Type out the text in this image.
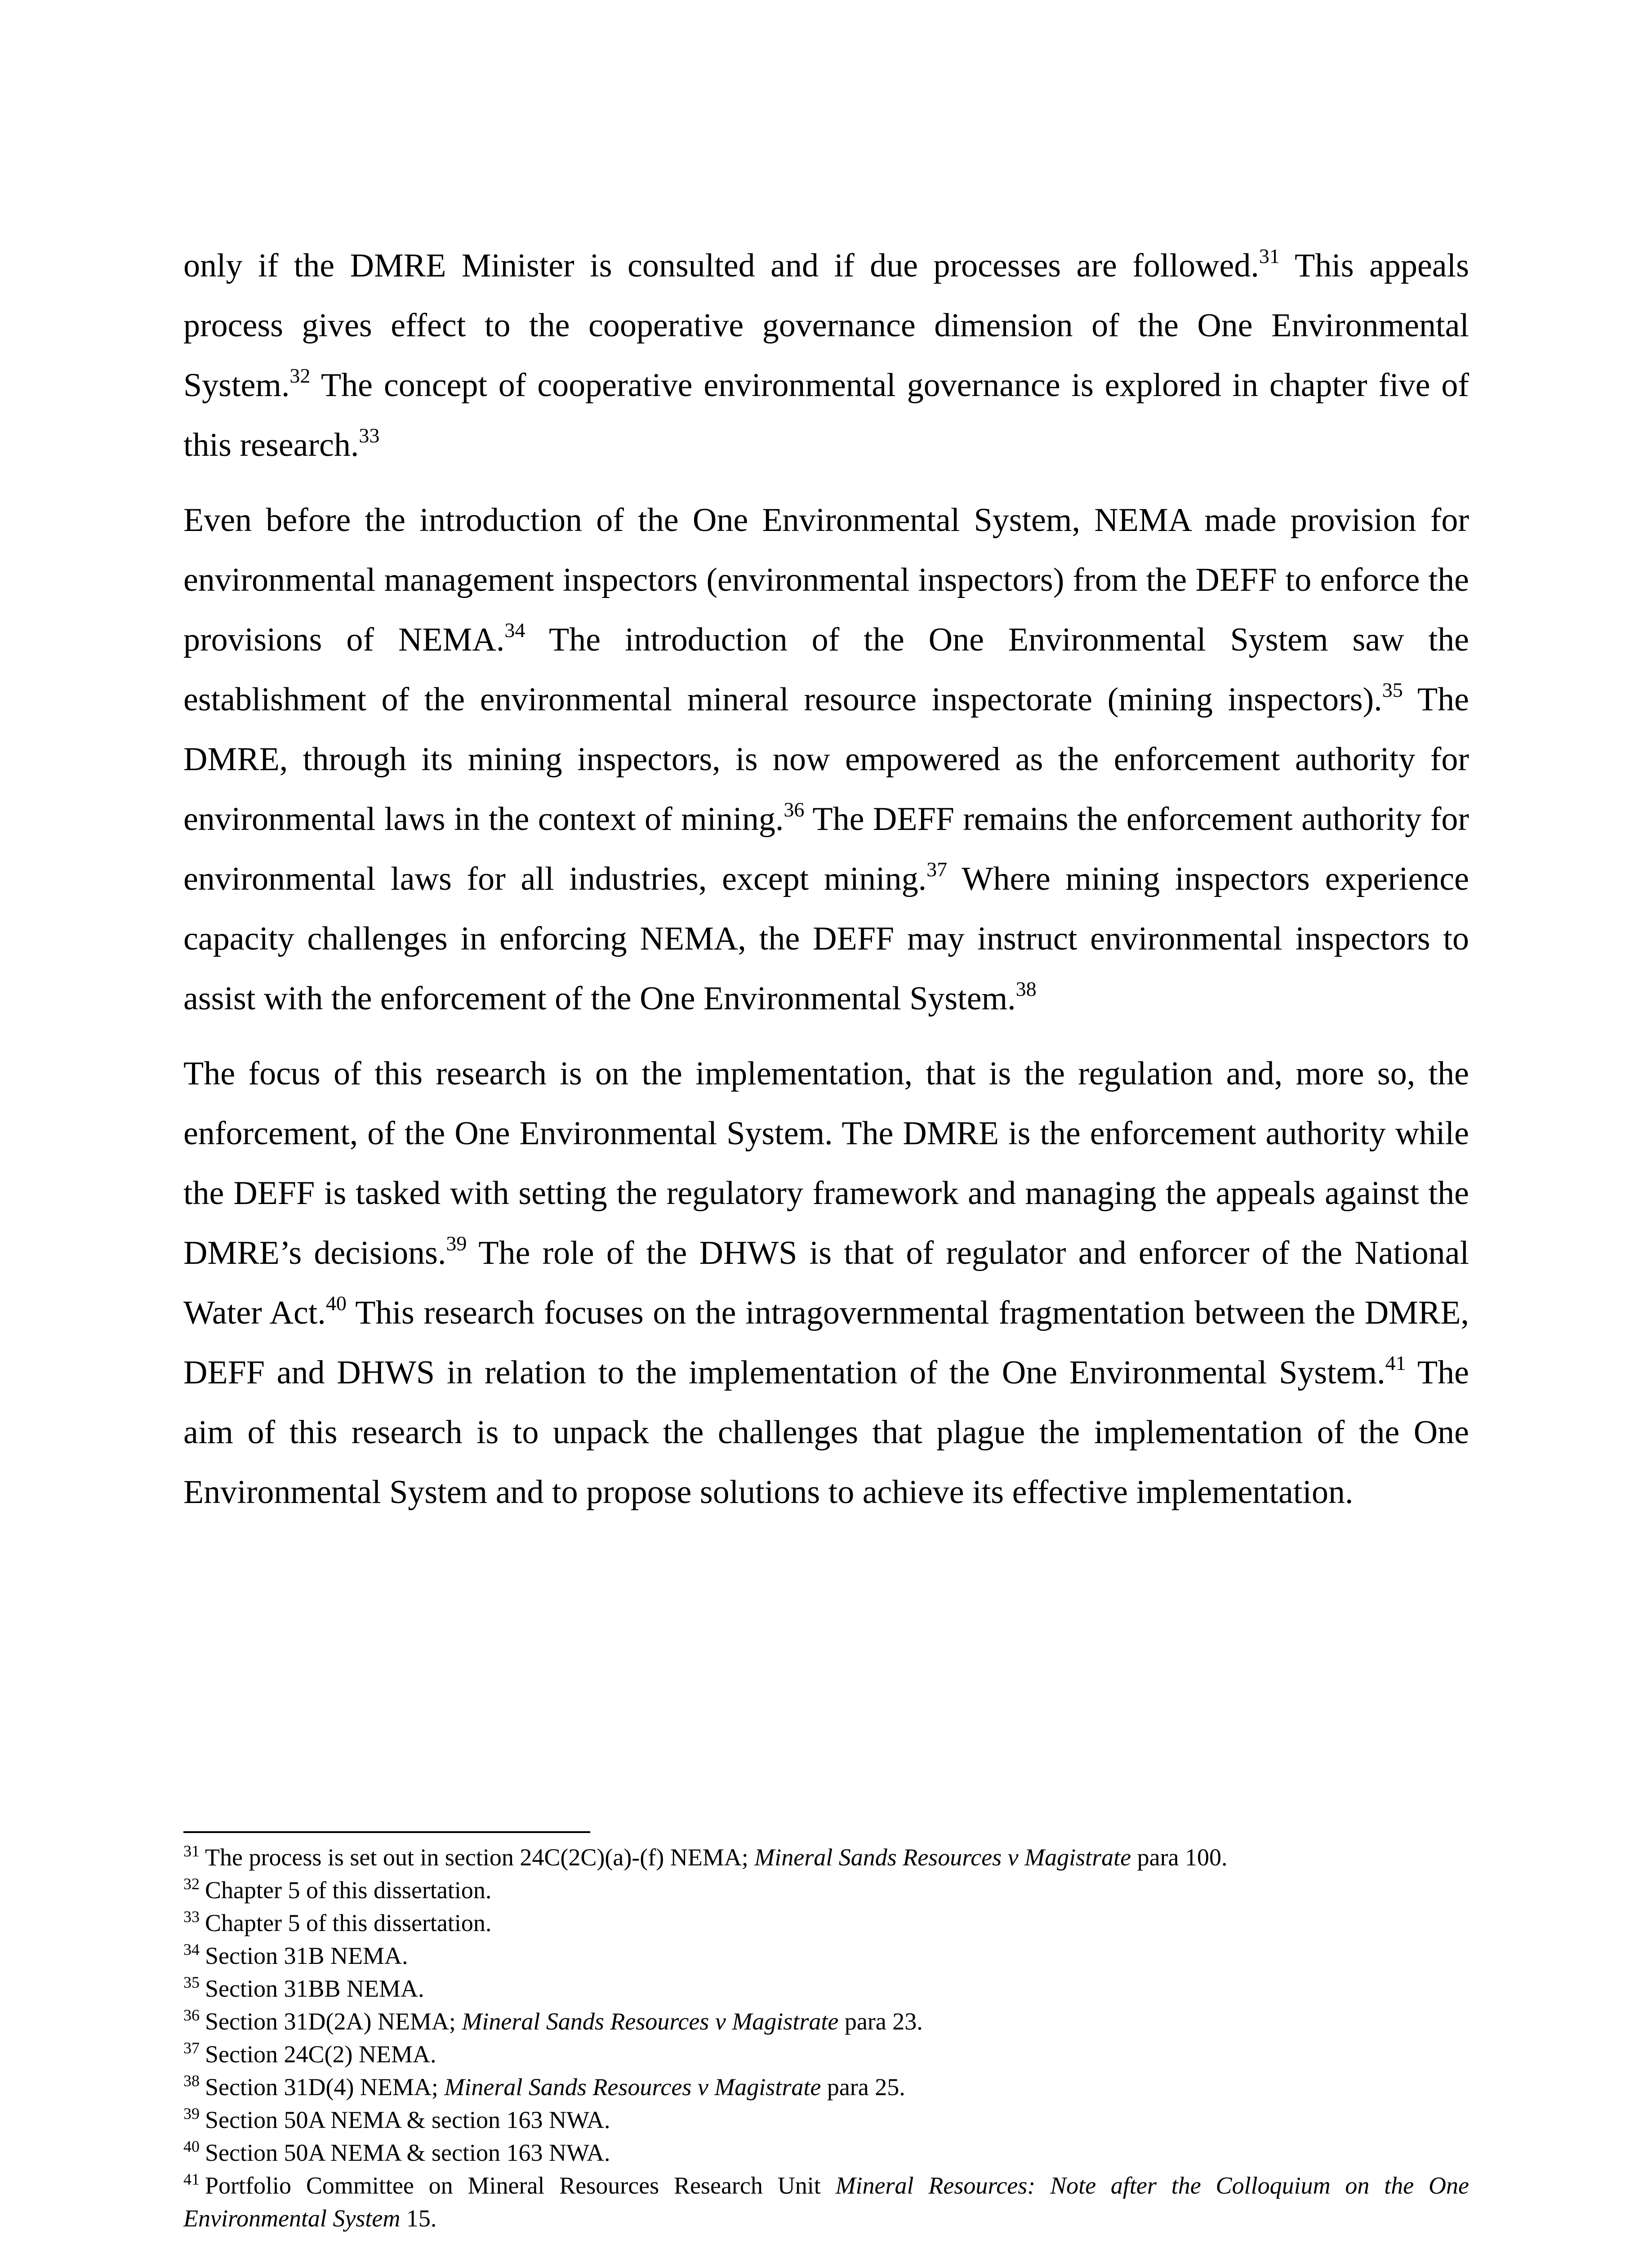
only if the DMRE Minister is consulted and if due processes are followed.$^{31}$ This appeals process gives effect to the cooperative governance dimension of the One Environmental System.$^{32}$ The concept of cooperative environmental governance is explored in chapter five of this research.$^{33}$

Even before the introduction of the One Environmental System, NEMA made provision for environmental management inspectors (environmental inspectors) from the DEFF to enforce the provisions of NEMA.$^{34}$ The introduction of the One Environmental System saw the establishment of the environmental mineral resource inspectorate (mining inspectors).$^{35}$ The DMRE, through its mining inspectors, is now empowered as the enforcement authority for environmental laws in the context of mining.$^{36}$ The DEFF remains the enforcement authority for environmental laws for all industries, except mining.$^{37}$ Where mining inspectors experience capacity challenges in enforcing NEMA, the DEFF may instruct environmental inspectors to assist with the enforcement of the One Environmental System.$^{38}$

The focus of this research is on the implementation, that is the regulation and, more so, the enforcement, of the One Environmental System. The DMRE is the enforcement authority while the DEFF is tasked with setting the regulatory framework and managing the appeals against the DMRE’s decisions.$^{39}$ The role of the DHWS is that of regulator and enforcer of the National Water Act.$^{40}$ This research focuses on the intragovernmental fragmentation between the DMRE, DEFF and DHWS in relation to the implementation of the One Environmental System.$^{41}$ The aim of this research is to unpack the challenges that plague the implementation of the One Environmental System and to propose solutions to achieve its effective implementation.

$^{31}$ The process is set out in section 24C(2C)(a)-(f) NEMA; Mineral Sands Resources v Magistrate para 100.

$^{32}$ Chapter 5 of this dissertation.

$^{33}$ Chapter 5 of this dissertation.

$^{34}$ Section 31B NEMA.

$^{35}$ Section 31BB NEMA.

$^{36}$ Section 31D(2A) NEMA; Mineral Sands Resources v Magistrate para 23.

$^{37}$ Section 24C(2) NEMA.

$^{38}$ Section 31D(4) NEMA; Mineral Sands Resources v Magistrate para 25.

$^{39}$ Section 50A NEMA & section 163 NWA.

$^{40}$ Section 50A NEMA & section 163 NWA.

$^{41}$ Portfolio Committee on Mineral Resources Research Unit Mineral Resources: Note after the Colloquium on the One Environmental System 15.
